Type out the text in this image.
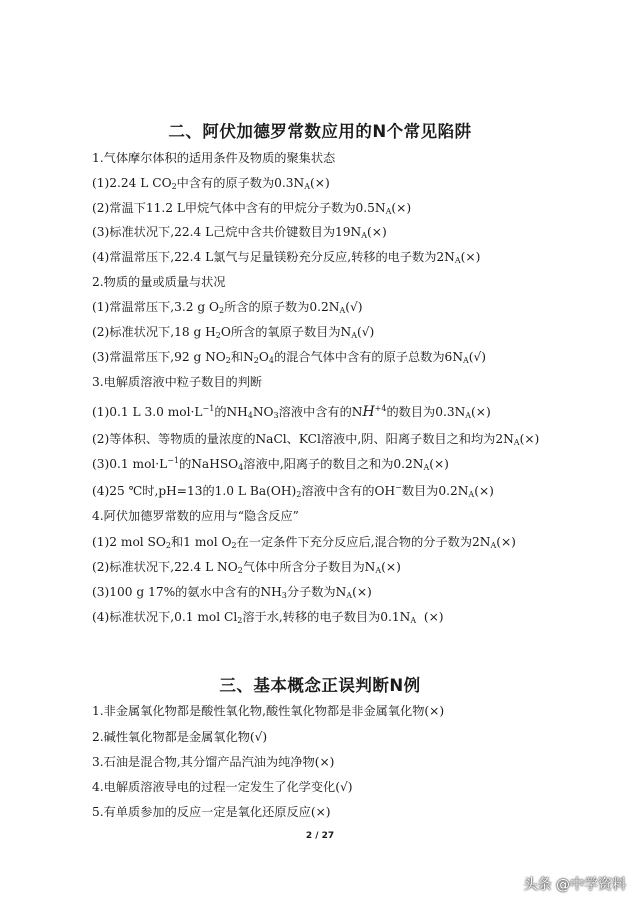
二、阿伏加德罗常数应用的N个常见陷阱
1.气体摩尔体积的适用条件及物质的聚集状态
(1)2.24 L $CO_2$中含有的原子数为$0.3N_A(\times)$
(2)常温下11.2 L甲烷气体中含有的甲烷分子数为$0.5N_A(\times)$
(3)标准状况下,22.4 L己烷中含共价键数目为$19N_A(\times)$
(4)常温常压下,22.4 L氯气与足量镁粉充分反应,转移的电子数为$2N_A(\times)$
2.物质的量或质量与状况
(1)常温常压下,3.2 g $O_2$所含的原子数为$0.2N_A(√)$
(2)标准状况下,18 g $H_2O$所含的氧原子数目为$N_A(√)$
(3)常温常压下,92 g $NO_2$和$N_2O_4$的混合气体中含有的原子总数为$6N_A(√)$
3.电解质溶液中粒子数目的判断
(1)0.1 L 3.0 $mol\cdot L^{-1}$的$NH_4NO_3$溶液中含有的$NH^{+4}$的数目为$0.3N_A(\times)$
(2)等体积、等物质的量浓度的NaCl、KCl溶液中,阴、阳离子数目之和均为$2N_A(\times)$
(3)0.1 $mol\cdot L^{-1}$的NaHSO$_4$溶液中,阳离子的数目之和为$0.2N_A(\times)$
(4)25 ℃时,pH=13的1.0 L $Ba(OH)_2$溶液中含有的OH−数目为$0.2N_A(\times)$
4.阿伏加德罗常数的应用与“隐含反应”
(1)2 mol $SO_2$和1 mol $O_2$在一定条件下充分反应后,混合物的分子数为$2N_A(\times)$
(2)标准状况下,22.4 L $NO_2$气体中所含分子数目为$N_A(\times)$
(3)100 g 17%的氨水中含有的$NH_3$分子数为$N_A(\times)$
(4)标准状况下,0.1 mol $Cl_2$溶于水,转移的电子数目为$0.1N_A$  (×)
三、基本概念正误判断N例
1.非金属氧化物都是酸性氧化物,酸性氧化物都是非金属氧化物(×)
2.碱性氧化物都是金属氧化物(√)
3.石油是混合物,其分馏产品汽油为纯净物(×)
4.电解质溶液导电的过程一定发生了化学变化(√)
5.有单质参加的反应一定是氧化还原反应(×)
2 / 27
头条 @中学资料
